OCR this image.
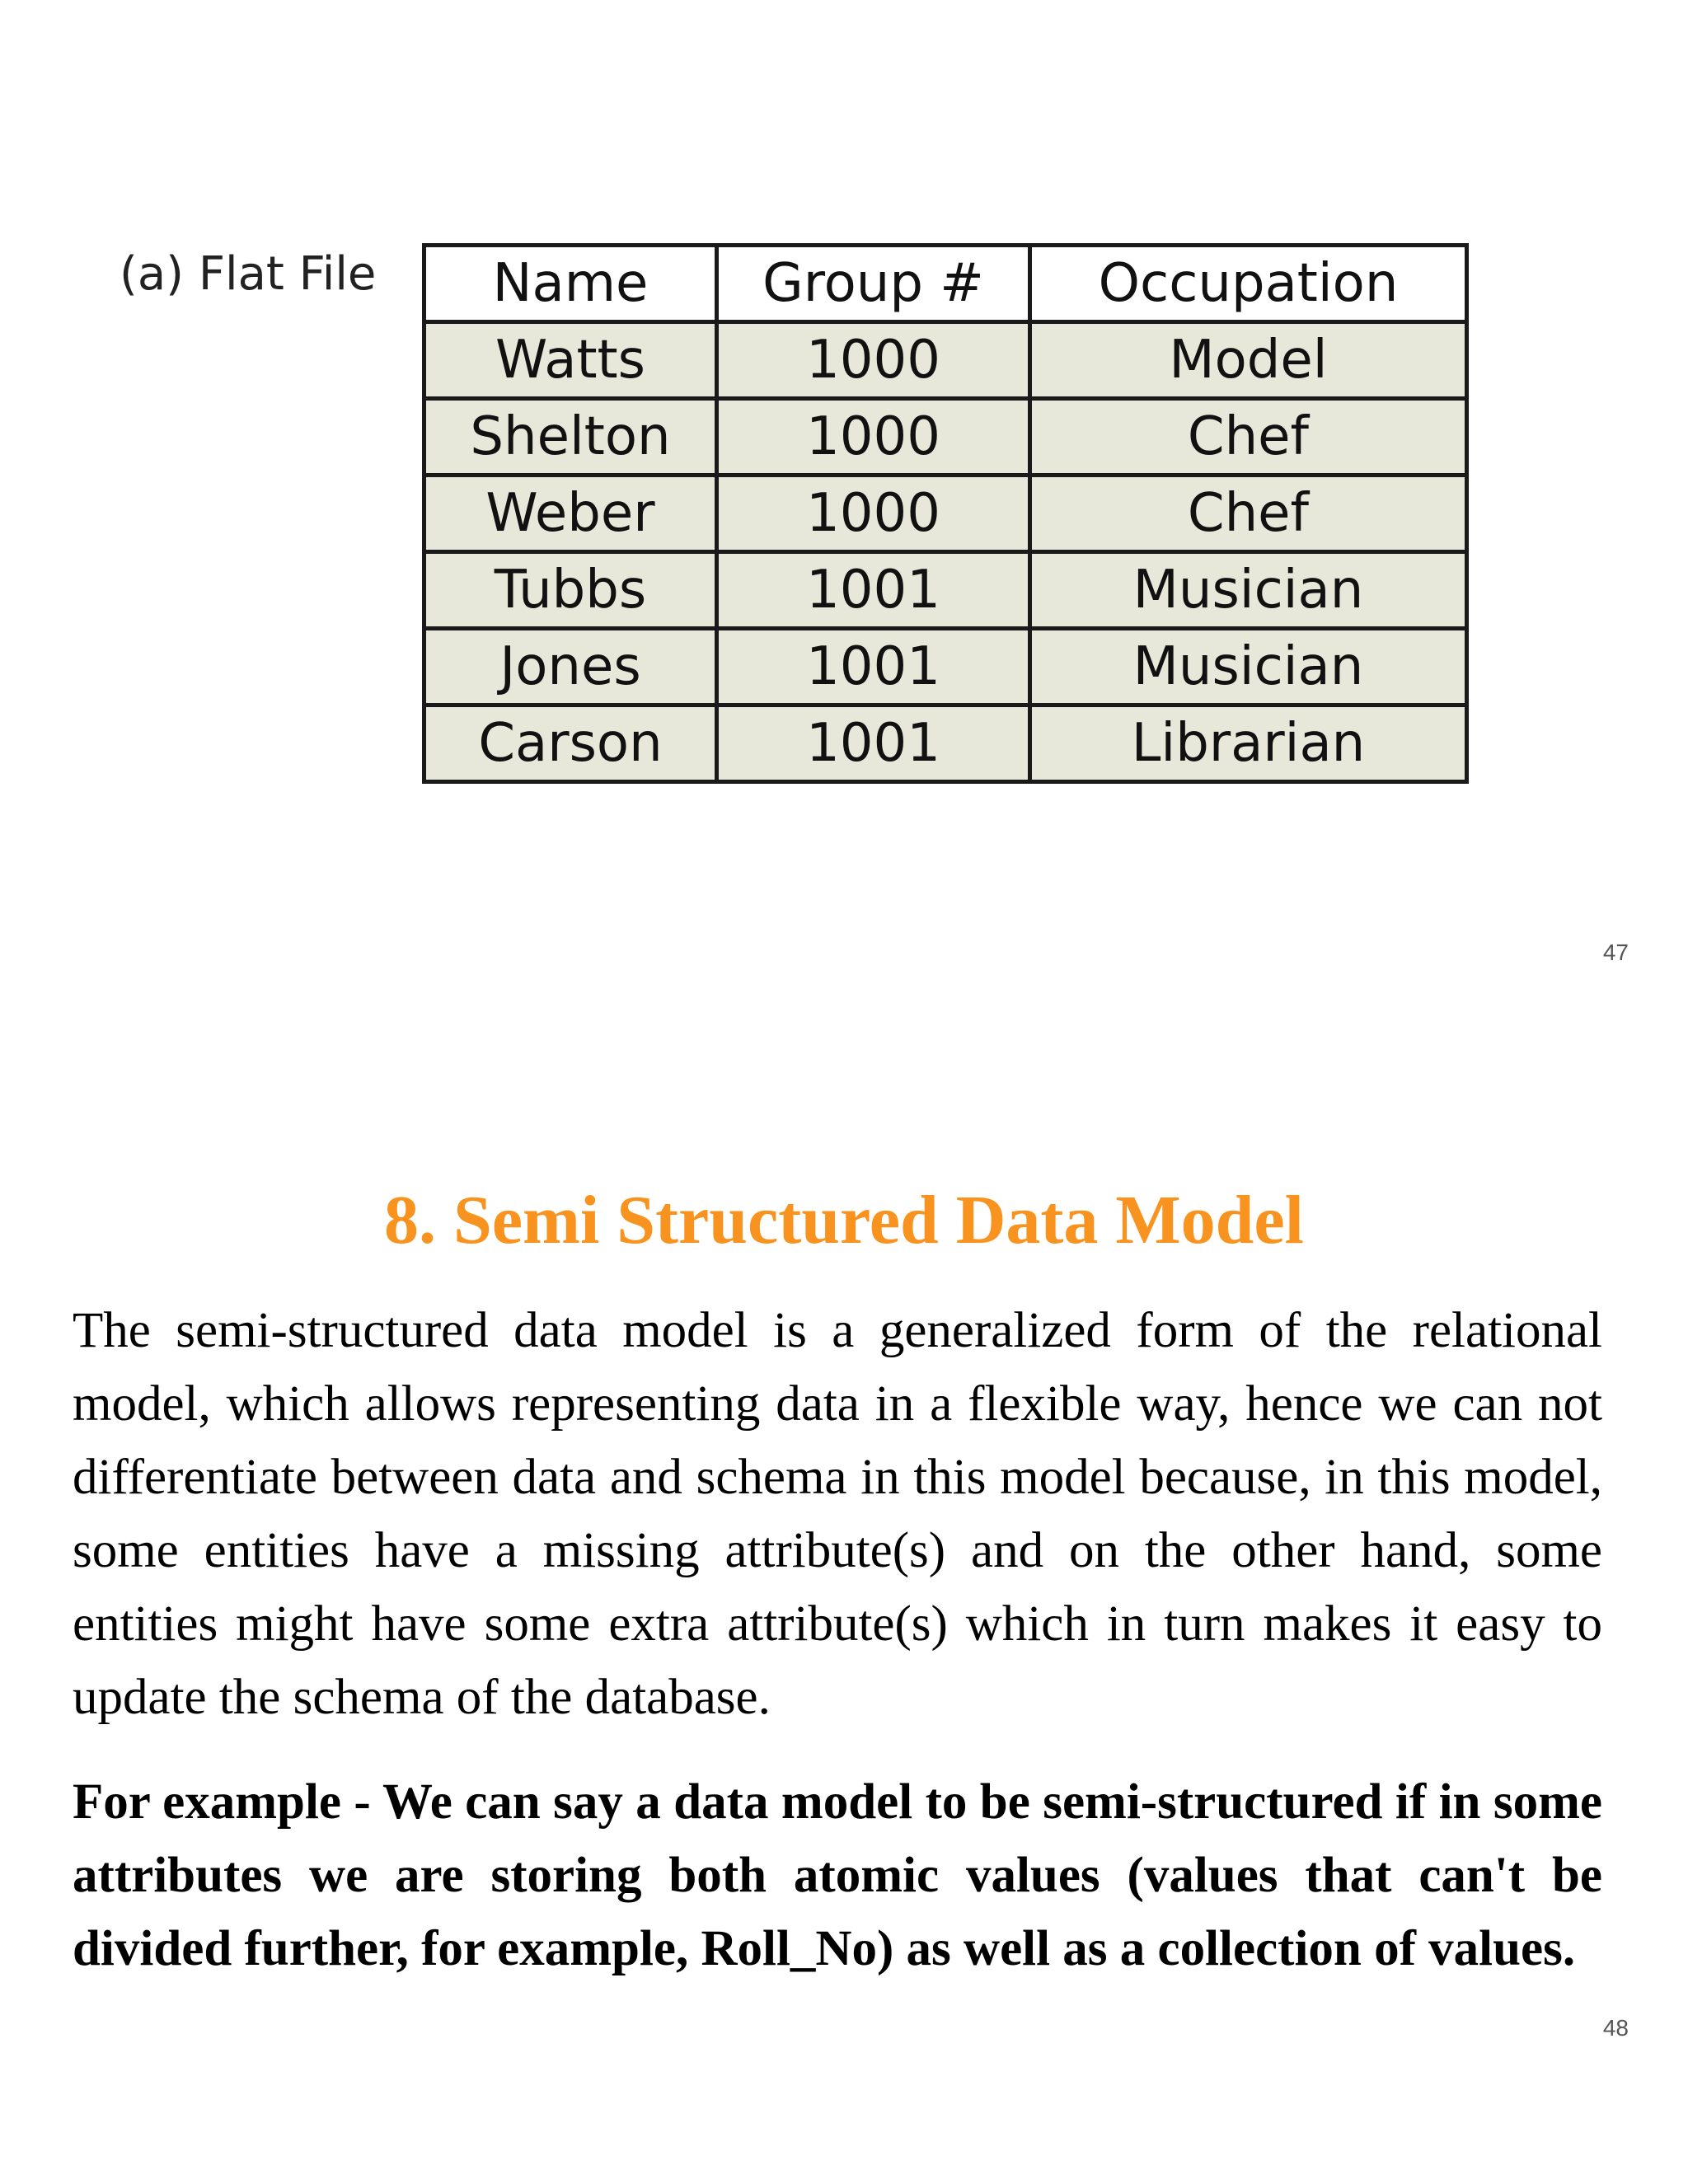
(a) Flat File Name	Group #	Occupation
Watts	1000	Model
Shelton	1000	Chef
Weber	1000	Chef
Tubbs	1001	Musician
Jones	1001	Musician
Carson	1001	Librarian
47
8. Semi Structured Data Model

The semi-structured data model is a generalized form of the relational model, which allows representing data in a flexible way, hence we can not differentiate between data and schema in this model because, in this model, some entities have a missing attribute(s) and on the other hand, some entities might have some extra attribute(s) which in turn makes it easy to update the schema of the database.

For example - We can say a data model to be semi-structured if in some attributes we are storing both atomic values (values that can't be divided further, for example, Roll_No) as well as a collection of values.

48
